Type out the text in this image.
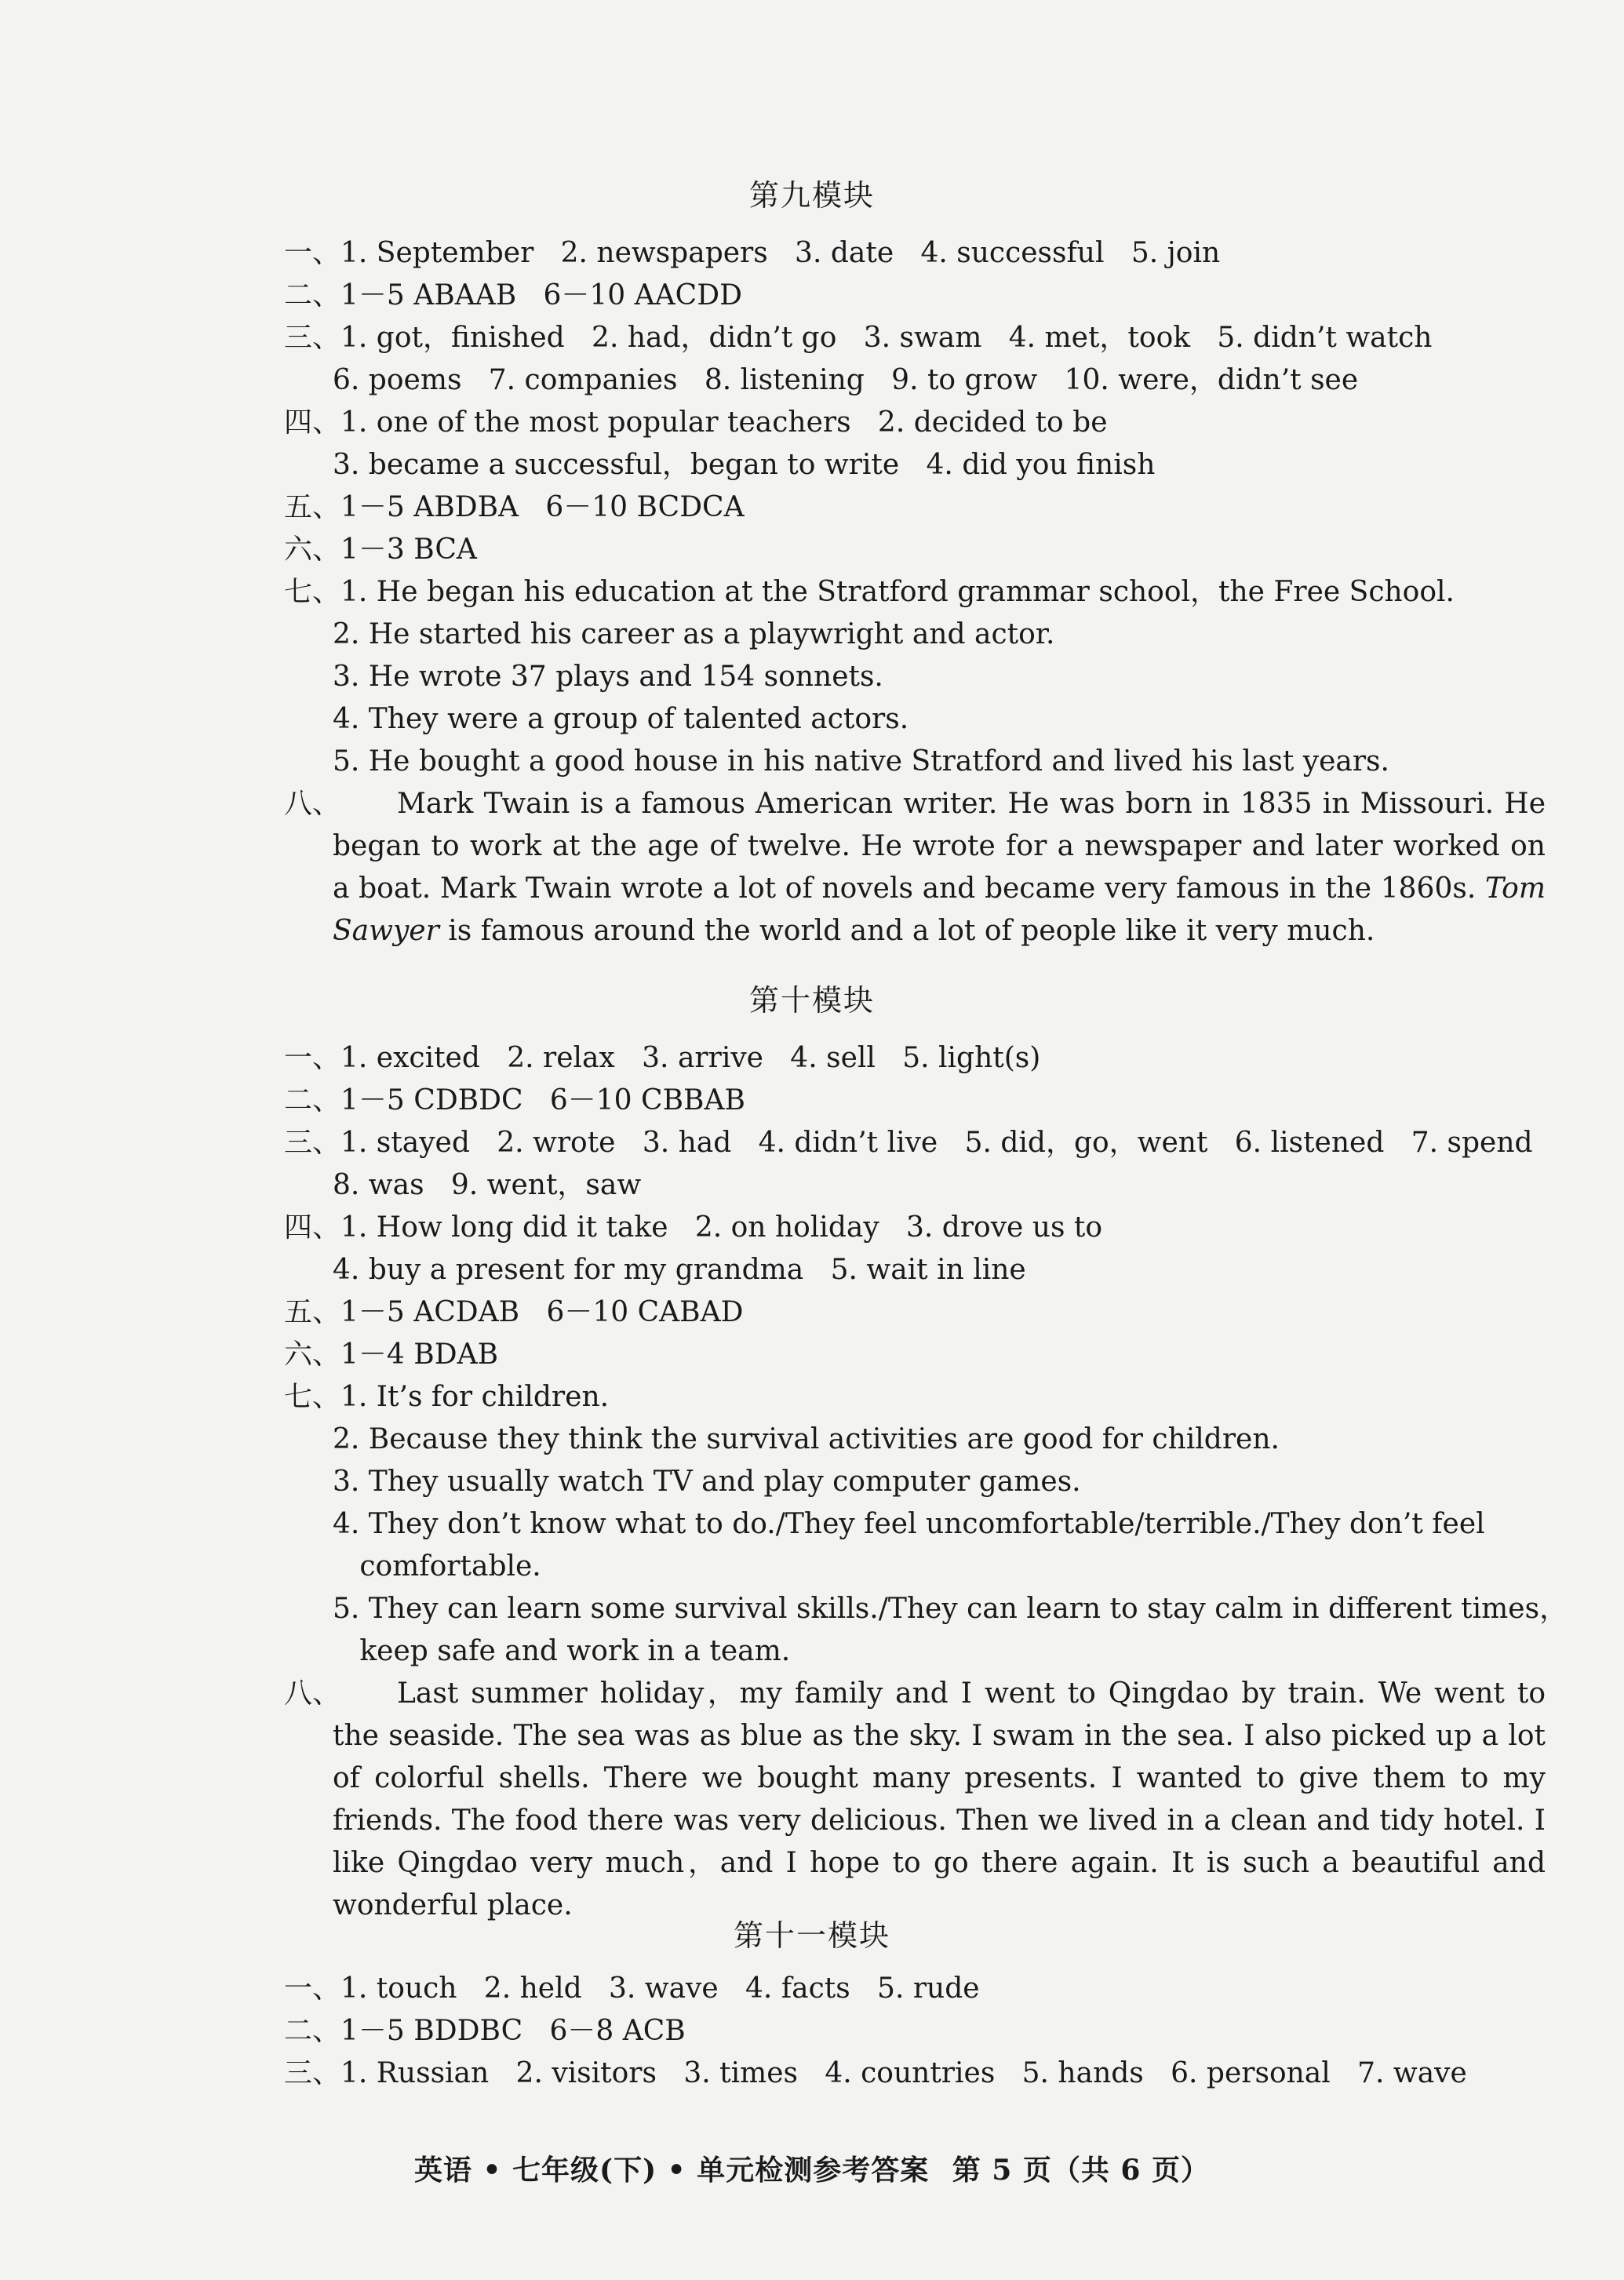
第九模块
一、1. September   2. newspapers   3. date   4. successful   5. join
二、1－5 ABAAB   6－10 AACDD
三、1. got，finished   2. had，didn’t go   3. swam   4. met，took   5. didn’t watch
6. poems   7. companies   8. listening   9. to grow   10. were，didn’t see
四、1. one of the most popular teachers   2. decided to be
3. became a successful，began to write   4. did you finish
五、1－5 ABDBA   6－10 BCDCA
六、1－3 BCA
七、1. He began his education at the Stratford grammar school，the Free School.
2. He started his career as a playwright and actor.
3. He wrote 37 plays and 154 sonnets.
4. They were a group of talented actors.
5. He bought a good house in his native Stratford and lived his last years.
八、	Mark Twain is a famous American writer. He was born in 1835 in Missouri. He began to work at the age of twelve. He wrote for a newspaper and later worked on a boat. Mark Twain wrote a lot of novels and became very famous in the 1860s. Tom Sawyer is famous around the world and a lot of people like it very much.
第十模块
一、1. excited   2. relax   3. arrive   4. sell   5. light(s)
二、1－5 CDBDC   6－10 CBBAB
三、1. stayed   2. wrote   3. had   4. didn’t live   5. did，go，went   6. listened   7. spend
8. was   9. went，saw
四、1. How long did it take   2. on holiday   3. drove us to
4. buy a present for my grandma   5. wait in line
五、1－5 ACDAB   6－10 CABAD
六、1－4 BDAB
七、1. It’s for children.
2. Because they think the survival activities are good for children.
3. They usually watch TV and play computer games.
4. They don’t know what to do./They feel uncomfortable/terrible./They don’t feel
comfortable.
5. They can learn some survival skills./They can learn to stay calm in different times，
keep safe and work in a team.
八、	Last summer holiday，my family and I went to Qingdao by train. We went to the seaside. The sea was as blue as the sky. I swam in the sea. I also picked up a lot of colorful shells. There we bought many presents. I wanted to give them to my friends. The food there was very delicious. Then we lived in a clean and tidy hotel. I like Qingdao very much，and I hope to go there again. It is such a beautiful and wonderful place.
第十一模块
一、1. touch   2. held   3. wave   4. facts   5. rude
二、1－5 BDDBC   6－8 ACB
三、1. Russian   2. visitors   3. times   4. countries   5. hands   6. personal   7. wave
英语 • 七年级(下) • 单元检测参考答案 第 5 页（共 6 页）
